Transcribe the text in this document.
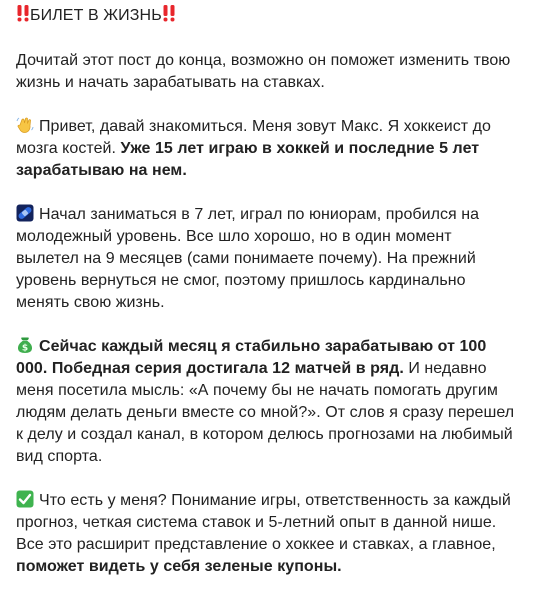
БИЛЕТ В ЖИЗНЬ

Дочитай этот пост до конца, возможно он поможет изменить твою жизнь и начать зарабатывать на ставках.

Привет, давай знакомиться. Меня зовут Макс. Я хоккеист до мозга костей. Уже 15 лет играю в хоккей и последние 5 лет зарабатываю на нем.

Начал заниматься в 7 лет, играл по юниорам, пробился на молодежный уровень. Все шло хорошо, но в один момент вылетел на 9 месяцев (сами понимаете почему). На прежний уровень вернуться не смог, поэтому пришлось кардинально менять свою жизнь.

$ Сейчас каждый месяц я стабильно зарабатываю от 100 000. Победная серия достигала 12 матчей в ряд. И недавно меня посетила мысль: «А почему бы не начать помогать другим людям делать деньги вместе со мной?». От слов я сразу перешел к делу и создал канал, в котором делюсь прогнозами на любимый вид спорта.

Что есть у меня? Понимание игры, ответственность за каждый прогноз, четкая система ставок и 5-летний опыт в данной нише. Все это расширит представление о хоккее и ставках, а главное, поможет видеть у себя зеленые купоны.
